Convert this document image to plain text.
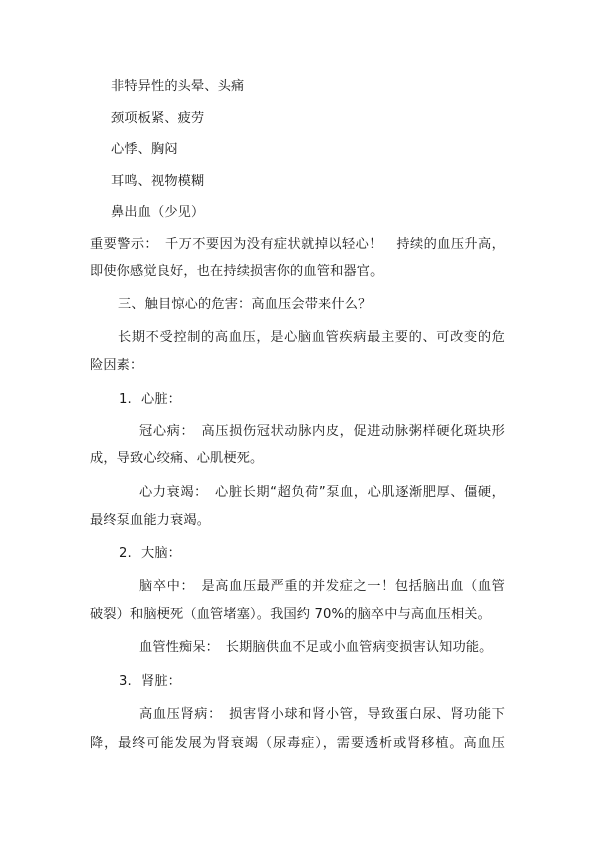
非特异性的头晕、头痛
颈项板紧、疲劳
心悸、胸闷
耳鸣、视物模糊
鼻出血（少见）
重要警示：　千万不要因为没有症状就掉以轻心！　持续的血压升高，
即使你感觉良好，也在持续损害你的血管和器官。
三、触目惊心的危害：高血压会带来什么？
长期不受控制的高血压，是心脑血管疾病最主要的、可改变的危
险因素：
1. 心脏：
冠心病：　高压损伤冠状动脉内皮，促进动脉粥样硬化斑块形
成，导致心绞痛、心肌梗死。
心力衰竭：　心脏长期“超负荷”泵血，心肌逐渐肥厚、僵硬，
最终泵血能力衰竭。
2. 大脑：
脑卒中：　是高血压最严重的并发症之一！包括脑出血（血管
破裂）和脑梗死（血管堵塞）。我国约 70%的脑卒中与高血压相关。
血管性痴呆：　长期脑供血不足或小血管病变损害认知功能。
3. 肾脏：
高血压肾病：　损害肾小球和肾小管，导致蛋白尿、肾功能下
降，最终可能发展为肾衰竭（尿毒症），需要透析或肾移植。高血压
